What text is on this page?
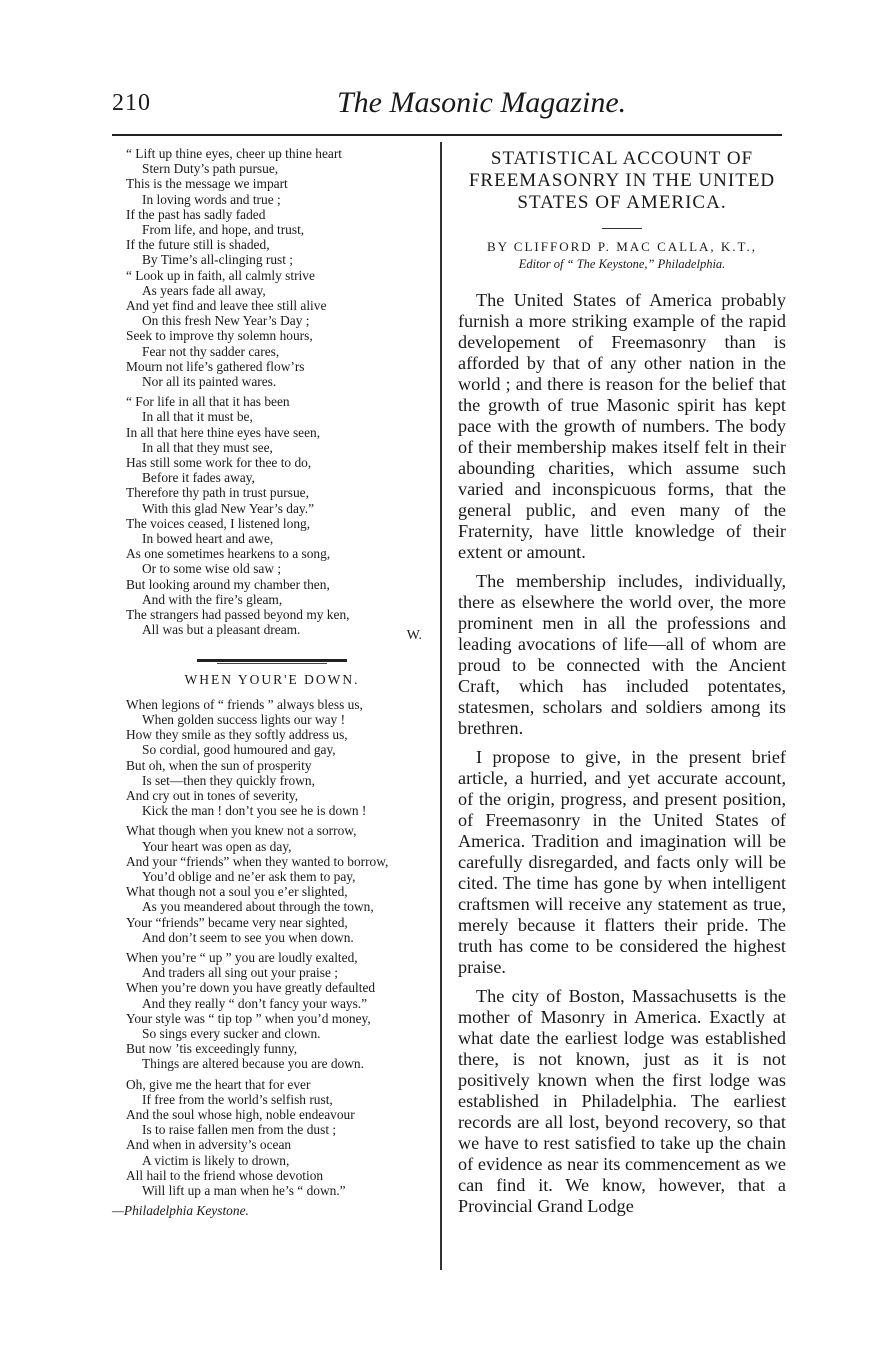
210	The Masonic Magazine.
“ Lift up thine eyes, cheer up thine heart
Stern Duty’s path pursue,
This is the message we impart
In loving words and true ;
If the past has sadly faded
From life, and hope, and trust,
If the future still is shaded,
By Time’s all-clinging rust ;
“ Look up in faith, all calmly strive
As years fade all away,
And yet find and leave thee still alive
On this fresh New Year’s Day ;
Seek to improve thy solemn hours,
Fear not thy sadder cares,
Mourn not life’s gathered flow’rs
Nor all its painted wares.
“ For life in all that it has been
In all that it must be,
In all that here thine eyes have seen,
In all that they must see,
Has still some work for thee to do,
Before it fades away,
Therefore thy path in trust pursue,
With this glad New Year’s day.”
The voices ceased, I listened long,
In bowed heart and awe,
As one sometimes hearkens to a song,
Or to some wise old saw ;
But looking around my chamber then,
And with the fire’s gleam,
The strangers had passed beyond my ken,
All was but a pleasant dream.	W.
WHEN YOUR'E DOWN.
When legions of “ friends ” always bless us,
When golden success lights our way !
How they smile as they softly address us,
So cordial, good humoured and gay,
But oh, when the sun of prosperity
Is set—then they quickly frown,
And cry out in tones of severity,
Kick the man ! don’t you see he is down !
What though when you knew not a sorrow,
Your heart was open as day,
And your “friends” when they wanted to borrow,
You’d oblige and ne’er ask them to pay,
What though not a soul you e’er slighted,
As you meandered about through the town,
Your “friends” became very near sighted,
And don’t seem to see you when down.
When you’re “ up ” you are loudly exalted,
And traders all sing out your praise ;
When you’re down you have greatly defaulted
And they really “ don’t fancy your ways.”
Your style was “ tip top ” when you’d money,
So sings every sucker and clown.
But now ’tis exceedingly funny,
Things are altered because you are down.
Oh, give me the heart that for ever
If free from the world’s selfish rust,
And the soul whose high, noble endeavour
Is to raise fallen men from the dust ;
And when in adversity’s ocean
A victim is likely to drown,
All hail to the friend whose devotion
Will lift up a man when he’s “ down.”
—Philadelphia Keystone.
STATISTICAL ACCOUNT OF FREEMASONRY IN THE UNITED STATES OF AMERICA.
BY CLIFFORD P. MAC CALLA, K.T.,
Editor of “ The Keystone,” Philadelphia.

The United States of America probably furnish a more striking example of the rapid developement of Freemasonry than is afforded by that of any other nation in the world ; and there is reason for the belief that the growth of true Masonic spirit has kept pace with the growth of numbers. The body of their membership makes itself felt in their abounding charities, which assume such varied and inconspicuous forms, that the general public, and even many of the Fraternity, have little knowledge of their extent or amount.

The membership includes, individually, there as elsewhere the world over, the more prominent men in all the professions and leading avocations of life—all of whom are proud to be connected with the Ancient Craft, which has included potentates, statesmen, scholars and soldiers among its brethren.

I propose to give, in the present brief article, a hurried, and yet accurate account, of the origin, progress, and present position, of Freemasonry in the United States of America. Tradition and imagination will be carefully disregarded, and facts only will be cited. The time has gone by when intelligent craftsmen will receive any statement as true, merely because it flatters their pride. The truth has come to be considered the highest praise.

The city of Boston, Massachusetts is the mother of Masonry in America. Exactly at what date the earliest lodge was established there, is not known, just as it is not positively known when the first lodge was established in Philadelphia. The earliest records are all lost, beyond recovery, so that we have to rest satisfied to take up the chain of evidence as near its commencement as we can find it. We know, however, that a Provincial Grand Lodge
